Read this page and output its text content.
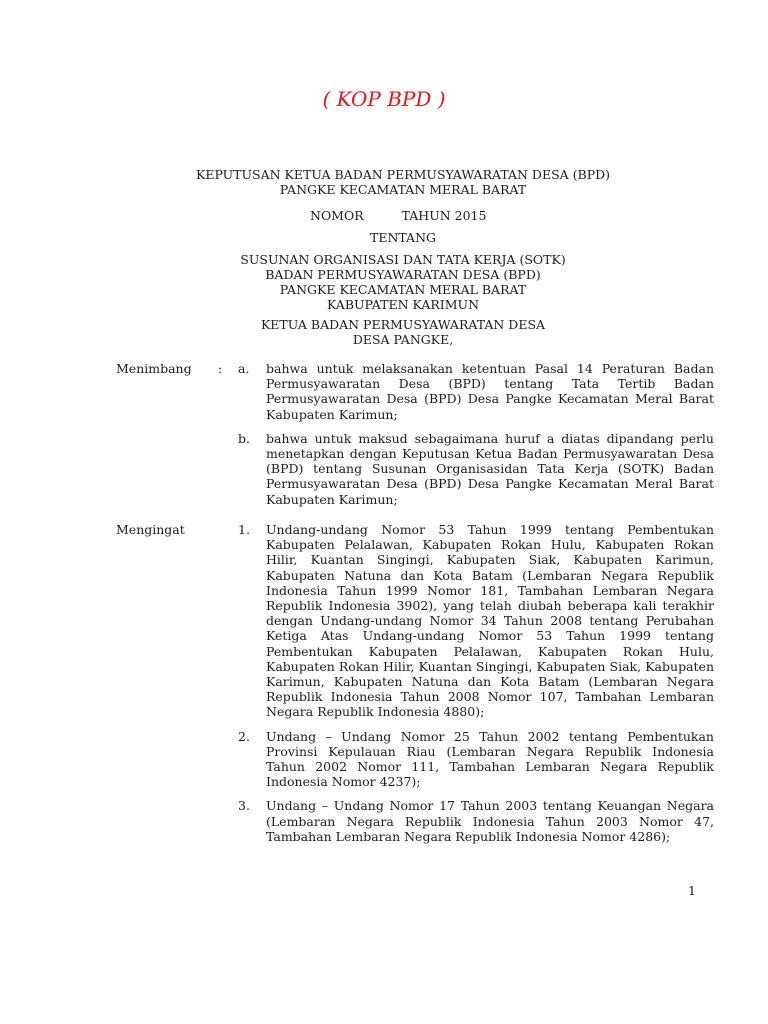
( KOP BPD )
KEPUTUSAN KETUA BADAN PERMUSYAWARATAN DESA (BPD)
PANGKE KECAMATAN MERAL BARAT
NOMOR	TAHUN 2015
TENTANG
SUSUNAN ORGANISASI DAN TATA KERJA (SOTK)
BADAN PERMUSYAWARATAN DESA (BPD)
PANGKE KECAMATAN MERAL BARAT
KABUPATEN KARIMUN
KETUA BADAN PERMUSYAWARATAN DESA
DESA PANGKE,
Menimbang : a. bahwa untuk melaksanakan ketentuan Pasal 14 Peraturan Badan Permusyawaratan Desa (BPD) tentang Tata Tertib Badan Permusyawaratan Desa (BPD) Desa Pangke Kecamatan Meral Barat Kabupaten Karimun;
b. bahwa untuk maksud sebagaimana huruf a diatas dipandang perlu menetapkan dengan Keputusan Ketua Badan Permusyawaratan Desa (BPD) tentang Susunan Organisasidan Tata Kerja (SOTK) Badan Permusyawaratan Desa (BPD) Desa Pangke Kecamatan Meral Barat Kabupaten Karimun;
Mengingat	1. Undang-undang Nomor 53 Tahun 1999 tentang Pembentukan Kabupaten Pelalawan, Kabupaten Rokan Hulu, Kabupaten Rokan Hilir, Kuantan Singingi, Kabupaten Siak, Kabupaten Karimun, Kabupaten Natuna dan Kota Batam (Lembaran Negara Republik Indonesia Tahun 1999 Nomor 181, Tambahan Lembaran Negara Republik Indonesia 3902), yang telah diubah beberapa kali terakhir dengan Undang-undang Nomor 34 Tahun 2008 tentang Perubahan Ketiga Atas Undang-undang Nomor 53 Tahun 1999 tentang Pembentukan Kabupaten Pelalawan, Kabupaten Rokan Hulu, Kabupaten Rokan Hilir, Kuantan Singingi, Kabupaten Siak, Kabupaten Karimun, Kabupaten Natuna dan Kota Batam (Lembaran Negara Republik Indonesia Tahun 2008 Nomor 107, Tambahan Lembaran Negara Republik Indonesia 4880);
2. Undang – Undang Nomor 25 Tahun 2002 tentang Pembentukan Provinsi Kepulauan Riau (Lembaran Negara Republik Indonesia Tahun 2002 Nomor 111, Tambahan Lembaran Negara Republik Indonesia Nomor 4237);
3. Undang – Undang Nomor 17 Tahun 2003 tentang Keuangan Negara (Lembaran Negara Republik Indonesia Tahun 2003 Nomor 47, Tambahan Lembaran Negara Republik Indonesia Nomor 4286);
1
